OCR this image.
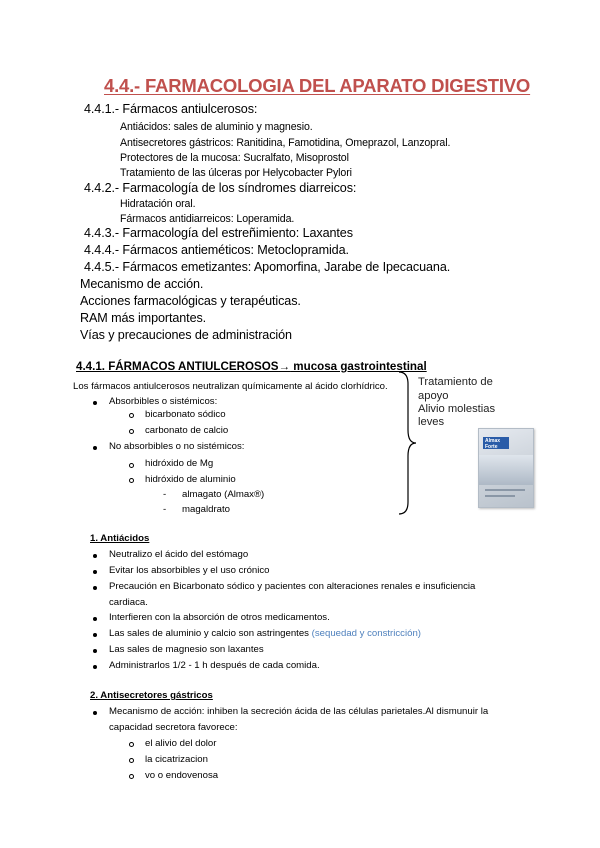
4.4.- FARMACOLOGIA DEL APARATO DIGESTIVO
4.4.1.- Fármacos antiulcerosos:
Antiácidos: sales de aluminio y magnesio.
Antisecretores gástricos: Ranitidina, Famotidina, Omeprazol, Lanzopral.
Protectores de la mucosa: Sucralfato, Misoprostol
Tratamiento de las úlceras por Helycobacter Pylori
4.4.2.- Farmacología de los síndromes diarreicos:
Hidratación oral.
Fármacos antidiarreicos: Loperamida.
4.4.3.- Farmacología del estreñimiento: Laxantes
4.4.4.- Fármacos antieméticos: Metoclopramida.
4.4.5.- Fármacos emetizantes: Apomorfina, Jarabe de Ipecacuana.
Mecanismo de acción.
Acciones farmacológicas y terapéuticas.
RAM más importantes.
Vías y precauciones de administración
4.4.1. FÁRMACOS ANTIULCEROSOS→ mucosa gastrointestinal
Los fármacos antiulcerosos neutralizan químicamente al ácido clorhídrico.
Absorbibles o sistémicos:
bicarbonato sódico
carbonato de calcio
No absorbibles o no sistémicos:
hidróxido de Mg
hidróxido de aluminio
- almagato (Almax®)
- magaldrato
Tratamiento de
apoyo
Alivio molestias
leves
Almax Forte
1. Antiácidos
Neutralizo el ácido del estómago
Evitar los absorbibles y el uso crónico
Precaución en Bicarbonato sódico y pacientes con alteraciones renales e insuficiencia
cardiaca.
Interfieren con la absorción de otros medicamentos.
Las sales de aluminio y calcio son astringentes (sequedad y constricción)
Las sales de magnesio son laxantes
Administrarlos 1/2 - 1 h después de cada comida.
2. Antisecretores gástricos
Mecanismo de acción: inhiben la secreción ácida de las células parietales.Al dismunuir la
capacidad secretora favorece:
el alivio del dolor
la cicatrizacion
vo o endovenosa
